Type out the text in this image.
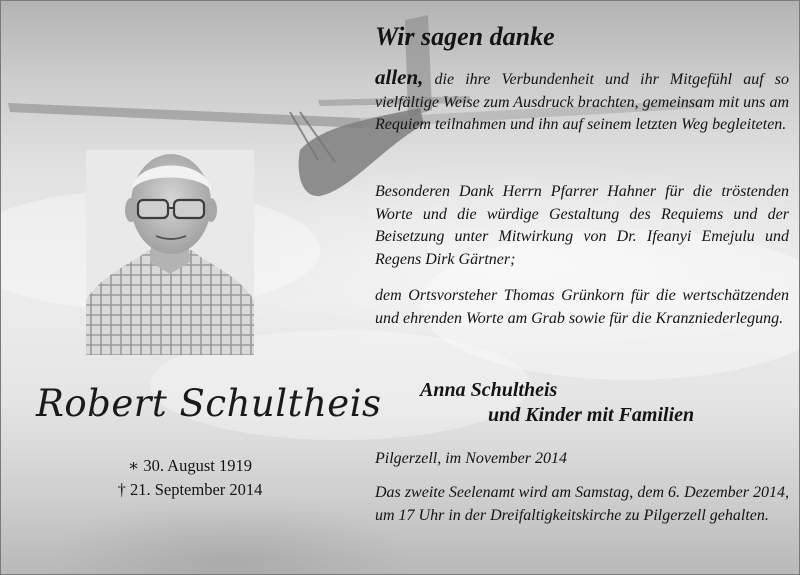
Robert Schultheis
∗ 30. August 1919
† 21. September 2014
Wir sagen danke

allen, die ihre Verbundenheit und ihr Mitgefühl auf so vielfältige Weise zum Ausdruck brachten, gemeinsam mit uns am Requiem teilnahmen und ihn auf seinem letzten Weg begleiteten.

Besonderen Dank Herrn Pfarrer Hahner für die tröstenden Worte und die würdige Gestaltung des Requiems und der Beisetzung unter Mitwirkung von Dr. Ifeanyi Emejulu und Regens Dirk Gärtner;

dem Ortsvorsteher Thomas Grünkorn für die wertschätzenden und ehrenden Worte am Grab sowie für die Kranzniederlegung.

Anna Schultheis

und Kinder mit Familien

Pilgerzell, im November 2014

Das zweite Seelenamt wird am Samstag, dem 6. Dezember 2014, um 17 Uhr in der Dreifaltigkeitskirche zu Pilgerzell gehalten.
